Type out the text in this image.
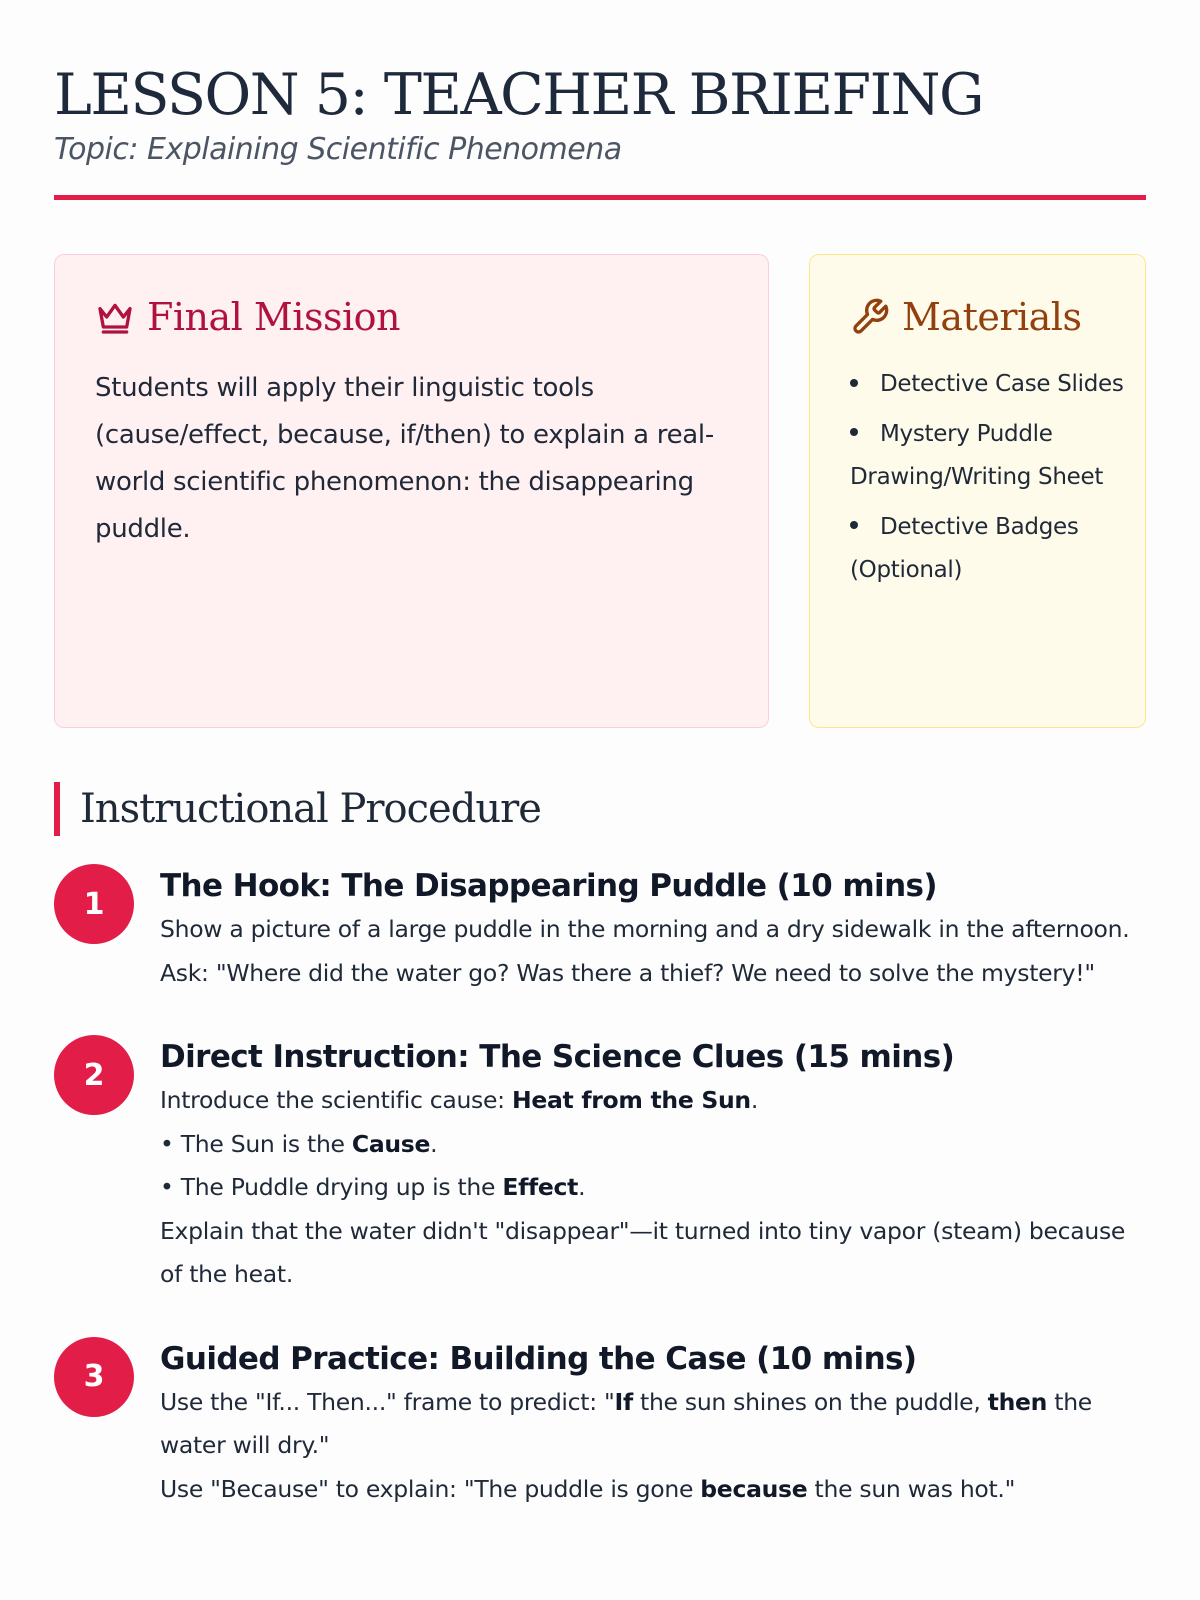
LESSON 5: TEACHER BRIEFING
Topic: Explaining Scientific Phenomena
Final Mission

Students will apply their linguistic tools (cause/effect, because, if/then) to explain a real-world scientific phenomenon: the disappearing puddle.

Materials
Detective Case Slides
Mystery Puddle Drawing/Writing Sheet
Detective Badges (Optional)
Instructional Procedure
1	The Hook: The Disappearing Puddle (10 mins)

Show a picture of a large puddle in the morning and a dry sidewalk in the afternoon. Ask: "Where did the water go? Was there a thief? We need to solve the mystery!"

2	Direct Instruction: The Science Clues (15 mins)

Introduce the scientific cause: Heat from the Sun.

• The Sun is the Cause.

• The Puddle drying up is the Effect.

Explain that the water didn't "disappear"—it turned into tiny vapor (steam) because of the heat.

3	Guided Practice: Building the Case (10 mins)

Use the "If... Then..." frame to predict: "If the sun shines on the puddle, then the water will dry."

Use "Because" to explain: "The puddle is gone because the sun was hot."
